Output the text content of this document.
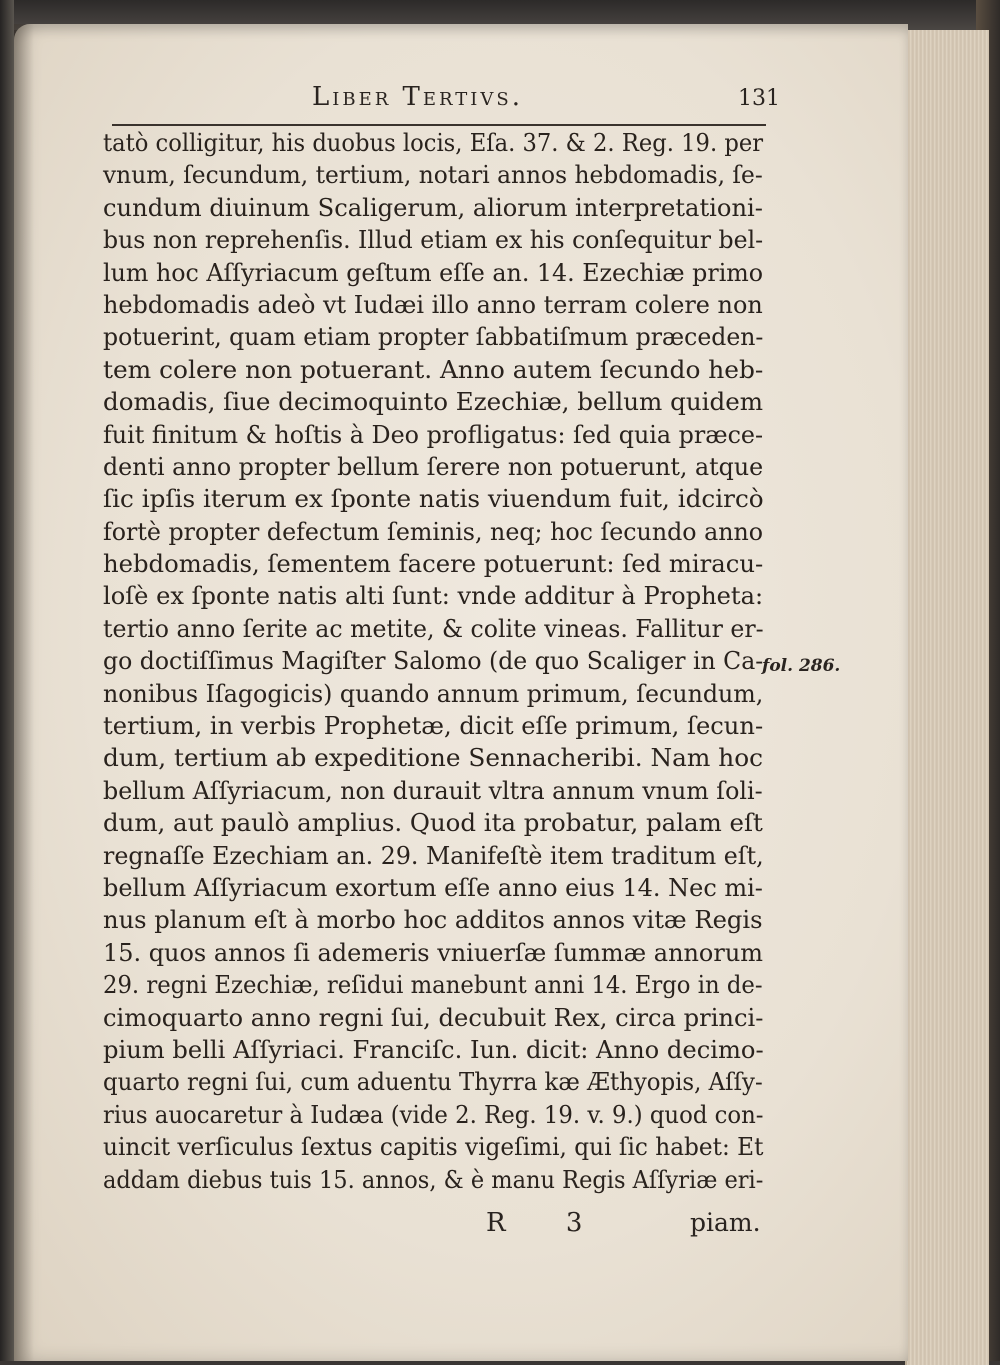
Liber Tertivs.	131
tatò colligitur, his duobus locis, Eſa. 37. & 2. Reg. 19. per
vnum, ſecundum, tertium, notari annos hebdomadis, ſe-
cundum diuinum Scaligerum, aliorum interpretationi-
bus non reprehenſis. Illud etiam ex his conſequitur bel-
lum hoc Aſſyriacum geſtum eſſe an. 14. Ezechiæ primo
hebdomadis adeò vt Iudæi illo anno terram colere non
potuerint, quam etiam propter ſabbatiſmum præceden-
tem colere non potuerant. Anno autem ſecundo heb-
domadis, ſiue decimoquinto Ezechiæ, bellum quidem
fuit finitum & hoſtis à Deo profligatus: ſed quia præce-
denti anno propter bellum ſerere non potuerunt, atque
ſic ipſis iterum ex ſponte natis viuendum fuit, idcircò
fortè propter defectum ſeminis, neq; hoc ſecundo anno
hebdomadis, ſementem facere potuerunt: ſed miracu-
loſè ex ſponte natis alti ſunt: vnde additur à Propheta:
tertio anno ſerite ac metite, & colite vineas. Fallitur er-
go doctiſſimus Magiſter Salomo (de quo Scaliger in Ca-
nonibus Iſagogicis) quando annum primum, ſecundum,
tertium, in verbis Prophetæ, dicit eſſe primum, ſecun-
dum, tertium ab expeditione Sennacheribi. Nam hoc
bellum Aſſyriacum, non durauit vltra annum vnum ſoli-
dum, aut paulò amplius. Quod ita probatur, palam eſt
regnaſſe Ezechiam an. 29. Manifeſtè item traditum eſt,
bellum Aſſyriacum exortum eſſe anno eius 14. Nec mi-
nus planum eſt à morbo hoc additos annos vitæ Regis
15. quos annos ſi ademeris vniuerſæ ſummæ annorum
29. regni Ezechiæ, reſidui manebunt anni 14. Ergo in de-
cimoquarto anno regni ſui, decubuit Rex, circa princi-
pium belli Aſſyriaci. Franciſc. Iun. dicit: Anno decimo-
quarto regni ſui, cum aduentu Thyrra kæ Æthyopis, Aſſy-
rius auocaretur à Iudæa (vide 2. Reg. 19. v. 9.) quod con-
uincit verſiculus ſextus capitis vigeſimi, qui ſic habet: Et
addam diebus tuis 15. annos, & è manu Regis Aſſyriæ eri-
fol. 286.
R 3	piam.
